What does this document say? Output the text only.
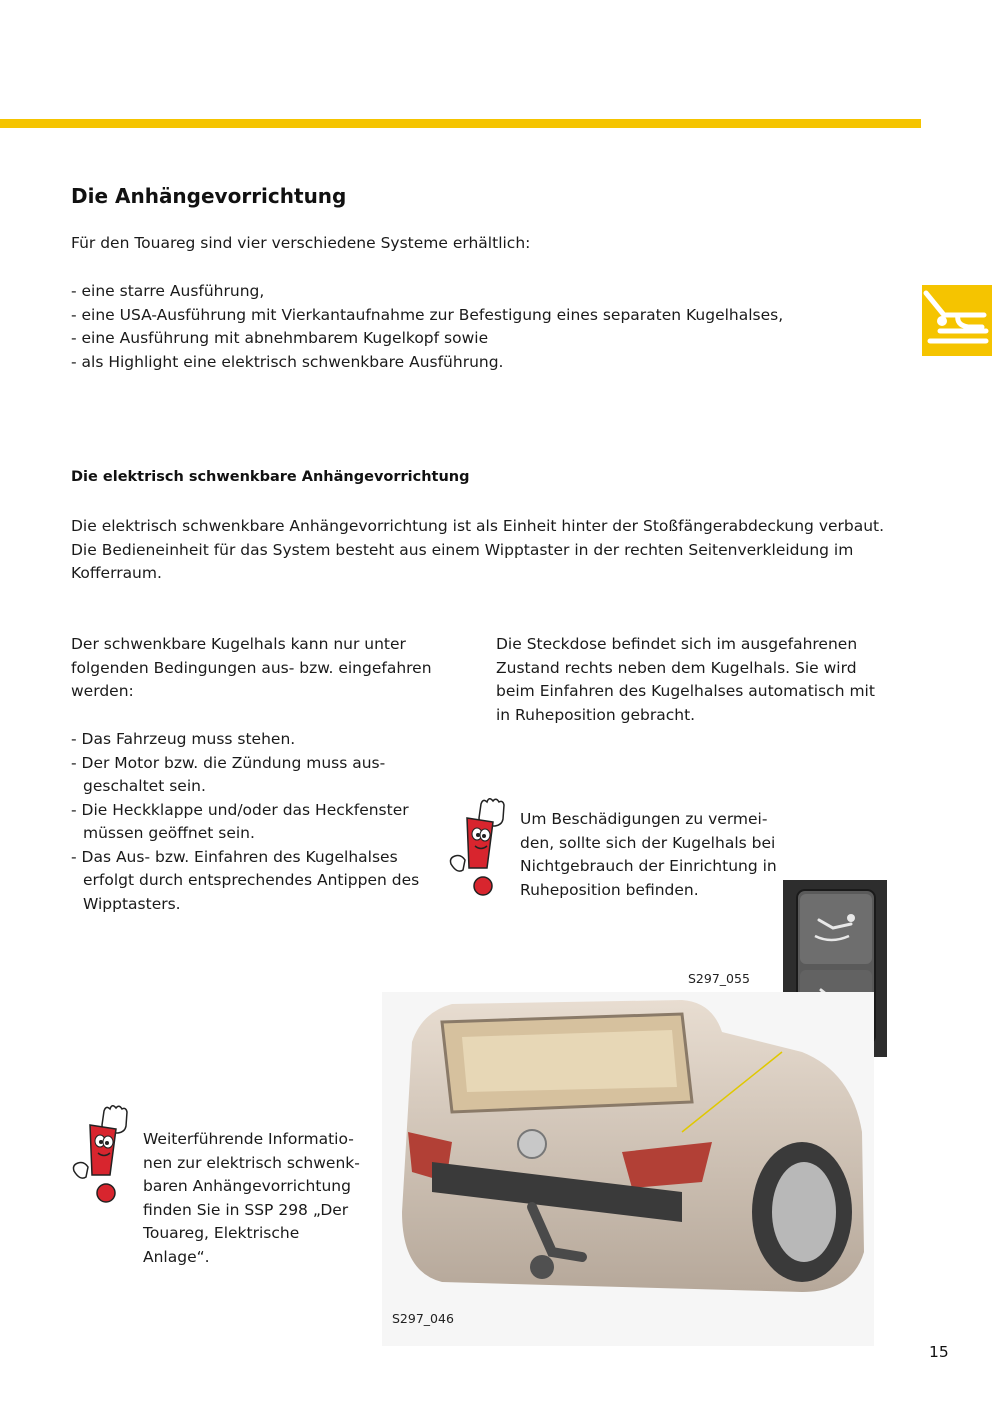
Die Anhängevorrichtung
Für den Touareg sind vier verschiedene Systeme erhältlich:
- eine starre Ausführung,
- eine USA-Ausführung mit Vierkantaufnahme zur Befestigung eines separaten Kugelhalses,
- eine Ausführung mit abnehmbarem Kugelkopf sowie
- als Highlight eine elektrisch schwenkbare Ausführung.
Die elektrisch schwenkbare Anhängevorrichtung
Die elektrisch schwenkbare Anhängevorrichtung ist als Einheit hinter der Stoßfängerabdeckung verbaut. Die Bedieneinheit für das System besteht aus einem Wipptaster in der rechten Seitenverkleidung im Kofferraum.
Der schwenkbare Kugelhals kann nur unter folgenden Bedingungen aus- bzw. eingefahren werden:
- Das Fahrzeug muss stehen.
- Der Motor bzw. die Zündung muss aus-geschaltet sein.
- Die Heckklappe und/oder das Heckfenster müssen geöffnet sein.
- Das Aus- bzw. Einfahren des Kugelhalses erfolgt durch entsprechendes Antippen des Wipptasters.
Die Steckdose befindet sich im ausgefahrenen Zustand rechts neben dem Kugelhals. Sie wird beim Einfahren des Kugelhalses automatisch mit in Ruheposition gebracht.
Um Beschädigungen zu vermei-den, sollte sich der Kugelhals bei Nichtgebrauch der Einrichtung in Ruheposition befinden.
S297_055
S297_046
Weiterführende Informatio-nen zur elektrisch schwenk-baren Anhängevorrichtung finden Sie in SSP 298 „Der Touareg, Elektrische Anlage“.
15
